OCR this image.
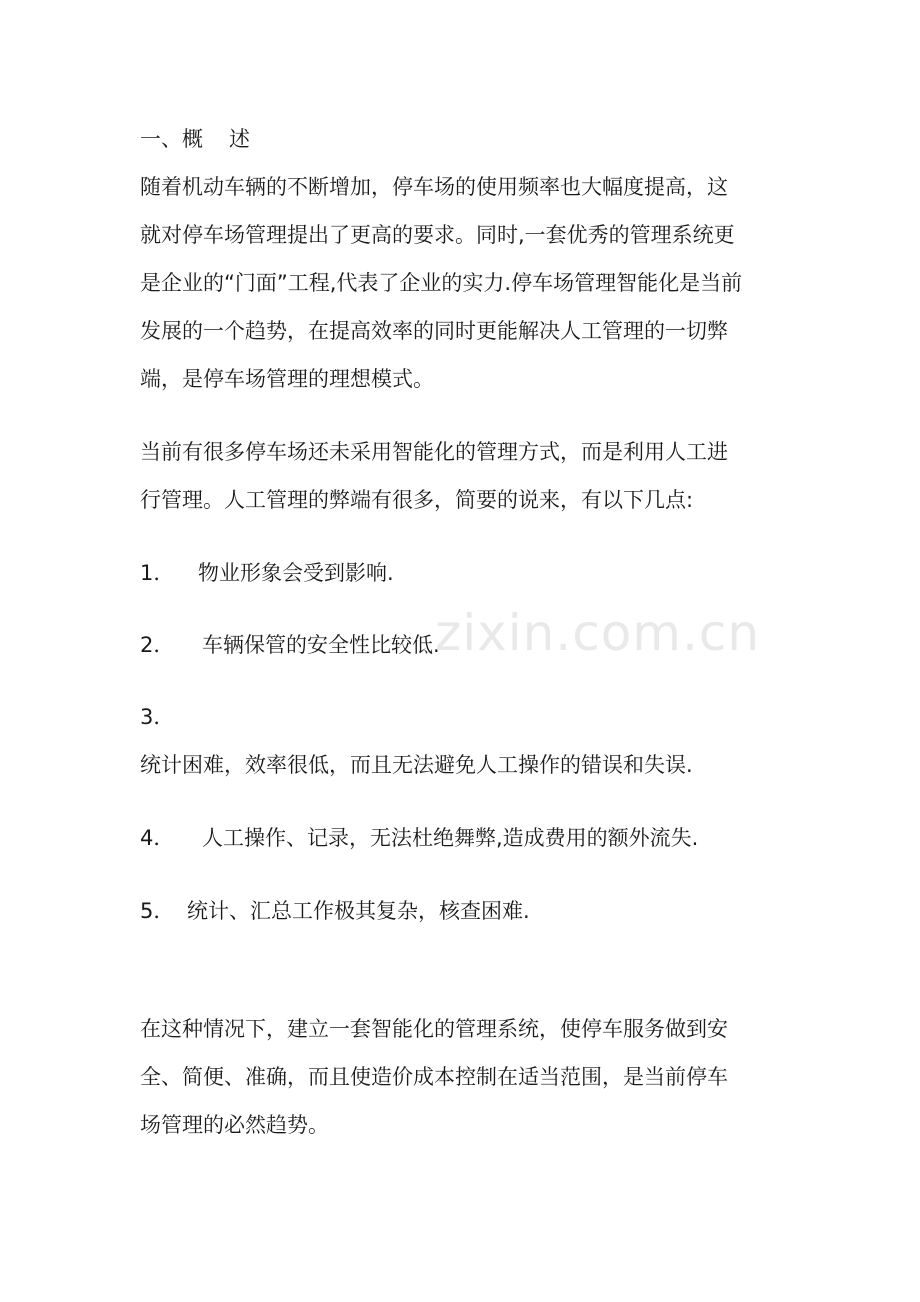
一、概 述
随着机动车辆的不断增加，停车场的使用频率也大幅度提高，这
就对停车场管理提出了更高的要求。同时,一套优秀的管理系统更
是企业的“门面”工程,代表了企业的实力.停车场管理智能化是当前
发展的一个趋势，在提高效率的同时更能解决人工管理的一切弊
端，是停车场管理的理想模式。
当前有很多停车场还未采用智能化的管理方式，而是利用人工进
行管理。人工管理的弊端有很多，简要的说来，有以下几点:
1． 物业形象会受到影响.
2． 车辆保管的安全性比较低.
3．
统计困难，效率很低，而且无法避免人工操作的错误和失误.
4． 人工操作、记录，无法杜绝舞弊,造成费用的额外流失.
5． 统计、汇总工作极其复杂，核查困难.
在这种情况下，建立一套智能化的管理系统，使停车服务做到安
全、简便、准确，而且使造价成本控制在适当范围，是当前停车
场管理的必然趋势。
zixin.com.cn
